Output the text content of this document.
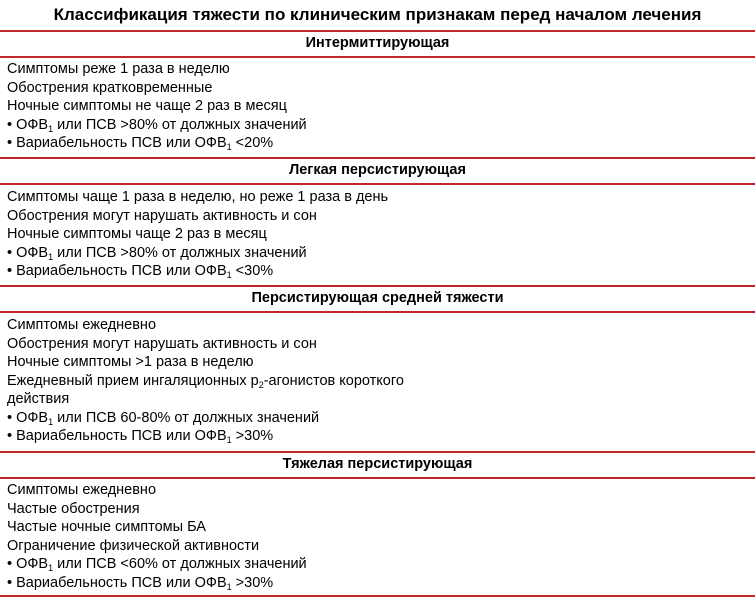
Классификация тяжести по клиническим признакам перед началом лечения
Интермиттирующая
Симптомы реже 1 раза в неделю
Обострения кратковременные
Ночные симптомы не чаще 2 раз в месяц
• $ОФВ_1$ или ПСВ >80% от должных значений
• Вариабельность ПСВ или $ОФВ_1 <20\%$
Легкая персистирующая
Симптомы чаще 1 раза в неделю, но реже 1 раза в день
Обострения могут нарушать активность и сон
Ночные симптомы чаще 2 раз в месяц
• $ОФВ_1$ или ПСВ >80% от должных значений
• Вариабельность ПСВ или $ОФВ_1 <30\%$
Персистирующая средней тяжести
Симптомы ежедневно
Обострения могут нарушать активность и сон
Ночные симптомы >1 раза в неделю
Ежедневный прием ингаляционных $р_2$-агонистов короткого
действия
• $ОФВ_1$ или ПСВ 60-80% от должных значений
• Вариабельность ПСВ или $ОФВ_1 >30\%$
Тяжелая персистирующая
Симптомы ежедневно
Частые обострения
Частые ночные симптомы БА
Ограничение физической активности
• $ОФВ_1$ или ПСВ <60% от должных значений
• Вариабельность ПСВ или $ОФВ_1 >30\%$
